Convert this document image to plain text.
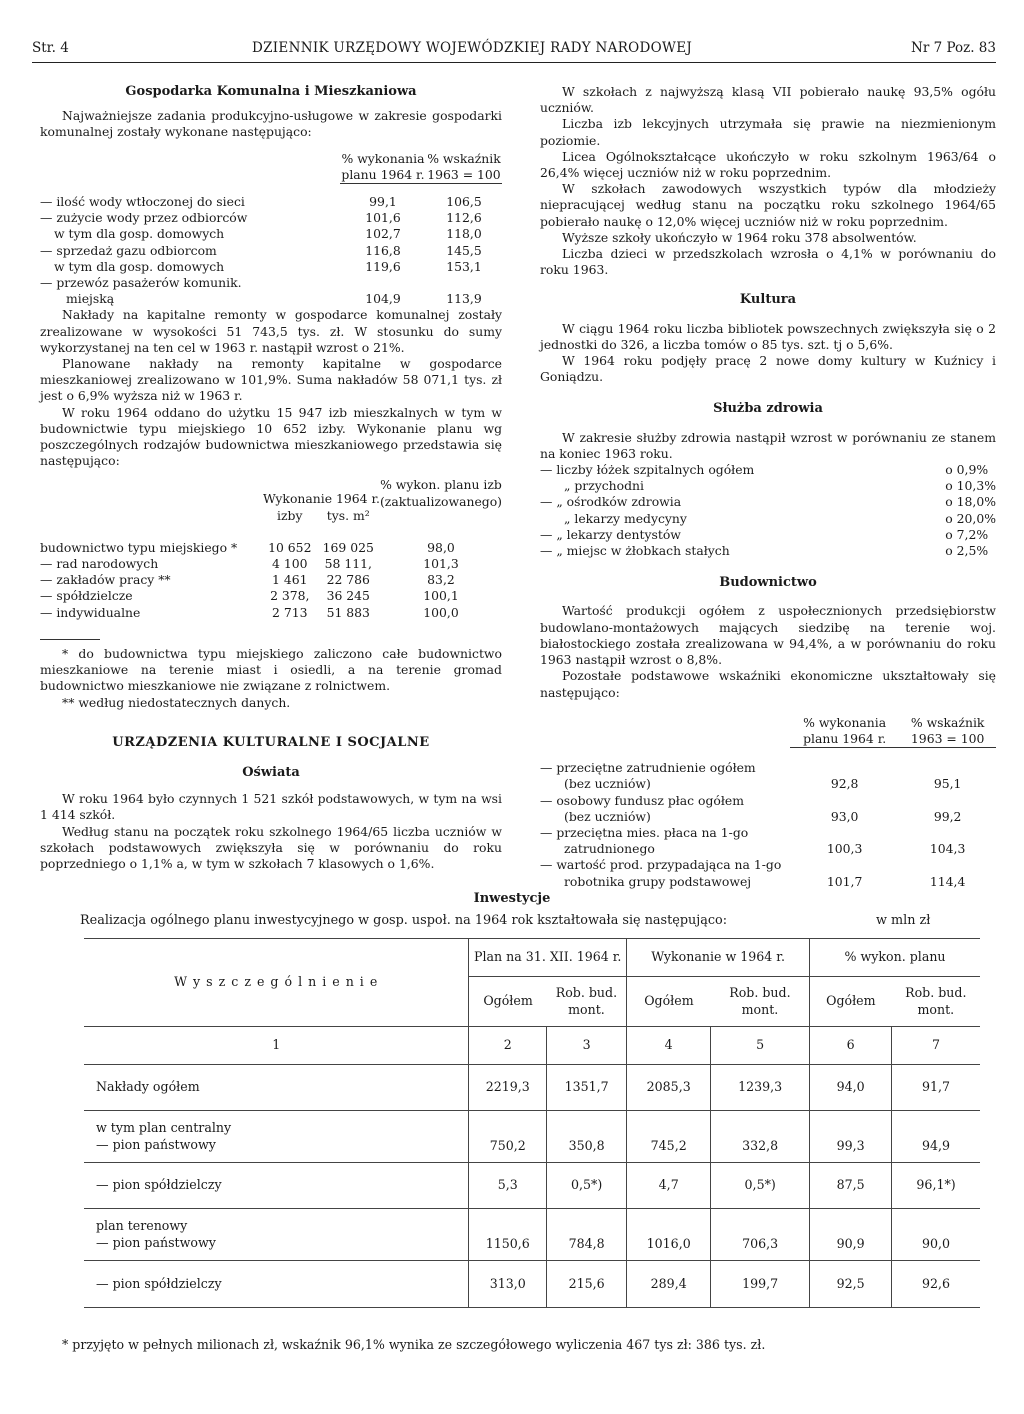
Str. 4	DZIENNIK URZĘDOWY WOJEWÓDZKIEJ RADY NARODOWEJ	Nr 7 Poz. 83
Gospodarka Komunalna i Mieszkaniowa

Najważniejsze zadania produkcyjno-usługowe w zakresie gospodarki komunalnej zostały wykonane następująco:

	% wykonania	% wskaźnik
	planu 1964 r.	1963 = 100

— ilość wody wtłoczonej do sieci	99,1	106,5
— zużycie wody przez odbiorców	101,6	112,6
w tym dla gosp. domowych	102,7	118,0
— sprzedaż gazu odbiorcom	116,8	145,5
w tym dla gosp. domowych	119,6	153,1
— przewóz pasażerów komunik.		
miejską	104,9	113,9

Nakłady na kapitalne remonty w gospodarce komunalnej zostały zrealizowane w wysokości 51 743,5 tys. zł. W stosunku do sumy wykorzystanej na ten cel w 1963 r. nastąpił wzrost o 21%.

Planowane nakłady na remonty kapitalne w gospodarce mieszkaniowej zrealizowano w 101,9%. Suma nakładów 58 071,1 tys. zł jest o 6,9% wyższa niż w 1963 r.

W roku 1964 oddano do użytku 15 947 izb mieszkalnych w tym w budownictwie typu miejskiego 10 652 izby. Wykonanie planu wg poszczególnych rodzajów budownictwa mieszkaniowego przedstawia się następująco:

	Wykonanie 1964 r.		% wykon. planu izb (zaktualizowanego)
	izby	tys. m²	

budownictwo typu miejskiego *	10 652	169 025	98,0
— rad narodowych	4 100	58 111,	101,3
— zakładów pracy **	1 461	22 786	83,2
— spółdzielcze	2 378,	36 245	100,1
— indywidualne	2 713	51 883	100,0

* do budownictwa typu miejskiego zaliczono całe budownictwo mieszkaniowe na terenie miast i osiedli, a na terenie gromad budownictwo mieszkaniowe nie związane z rolnictwem.

** według niedostatecznych danych.

URZĄDZENIA KULTURALNE I SOCJALNE
Oświata

W roku 1964 było czynnych 1 521 szkół podstawowych, w tym na wsi 1 414 szkół.

Według stanu na początek roku szkolnego 1964/65 liczba uczniów w szkołach podstawowych zwiększyła się w porównaniu do roku poprzedniego o 1,1% a, w tym w szkołach 7 klasowych o 1,6%.

W szkołach z najwyższą klasą VII pobierało naukę 93,5% ogółu uczniów.

Liczba izb lekcyjnych utrzymała się prawie na niezmienionym poziomie.

Licea Ogólnokształcące ukończyło w roku szkolnym 1963/64 o 26,4% więcej uczniów niż w roku poprzednim.

W szkołach zawodowych wszystkich typów dla młodzieży niepracującej według stanu na początku roku szkolnego 1964/65 pobierało naukę o 12,0% więcej uczniów niż w roku poprzednim.

Wyższe szkoły ukończyło w 1964 roku 378 absolwentów.

Liczba dzieci w przedszkolach wzrosła o 4,1% w porównaniu do roku 1963.

Kultura

W ciągu 1964 roku liczba bibliotek powszechnych zwiększyła się o 2 jednostki do 326, a liczba tomów o 85 tys. szt. tj o 5,6%.

W 1964 roku podjęły pracę 2 nowe domy kultury w Kuźnicy i Goniądzu.

Służba zdrowia

W zakresie służby zdrowia nastąpił wzrost w porównaniu ze stanem na koniec 1963 roku.

— liczby łóżek szpitalnych ogółem	o 0,9%
„ przychodni	o 10,3%
— „ ośrodków zdrowia	o 18,0%
„ lekarzy medycyny	o 20,0%
— „ lekarzy dentystów	o 7,2%
— „ miejsc w żłobkach stałych	o 2,5%
Budownictwo

Wartość produkcji ogółem z uspołecznionych przedsiębiorstw budowlano-montażowych mających siedzibę na terenie woj. białostockiego została zrealizowana w 94,4%, a w porównaniu do roku 1963 nastąpił wzrost o 8,8%.

Pozostałe podstawowe wskaźniki ekonomiczne ukształtowały się następująco:

	% wykonania	% wskaźnik
	planu 1964 r.	1963 = 100

— przeciętne zatrudnienie ogółem		
(bez uczniów)	92,8	95,1
— osobowy fundusz płac ogółem		
(bez uczniów)	93,0	99,2
— przeciętna mies. płaca na 1-go		
zatrudnionego	100,3	104,3
— wartość prod. przypadająca na 1-go		
robotnika grupy podstawowej	101,7	114,4
Inwestycje
Realizacja ogólnego planu inwestycyjnego w gosp. uspoł. na 1964 rok kształtowała się następująco:	w mln zł
W y s z c z e g ó l n i e n i e	Plan na 31. XII. 1964 r.		Wykonanie w 1964 r.		% wykon. planu	
	Ogółem	Rob. bud. mont.	Ogółem	Rob. bud. mont.	Ogółem	Rob. bud. mont.
1	2	3	4	5	6	7

Nakłady ogółem	2219,3	1351,7	2085,3	1239,3	94,0	91,7

w tym plan centralny
— pion państwowy	750,2	350,8	745,2	332,8	99,3	94,9

— pion spółdzielczy	5,3	0,5*)	4,7	0,5*)	87,5	96,1*)

plan terenowy
— pion państwowy	1150,6	784,8	1016,0	706,3	90,9	90,0

— pion spółdzielczy	313,0	215,6	289,4	199,7	92,5	92,6
* przyjęto w pełnych milionach zł, wskaźnik 96,1% wynika ze szczegółowego wyliczenia 467 tys zł: 386 tys. zł.
